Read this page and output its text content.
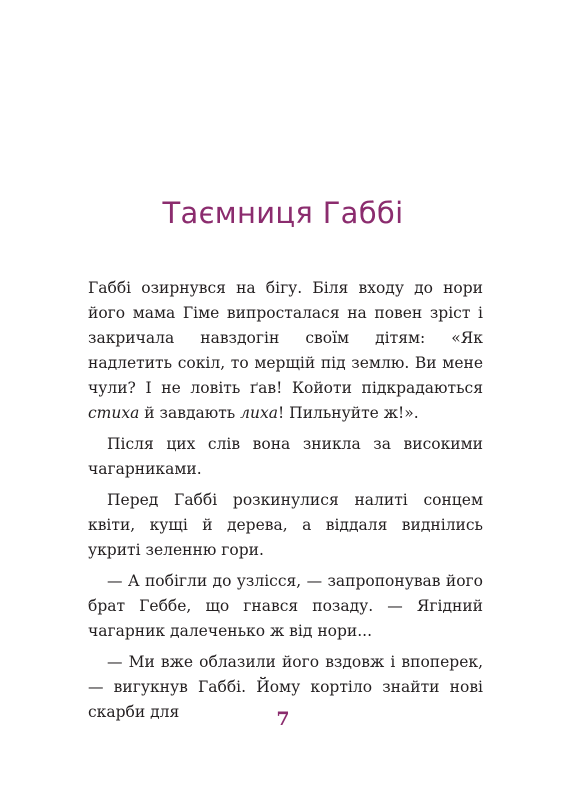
Таємниця Габбі

Габбі озирнувся на бігу. Біля входу до нори його мама Гіме випросталася на повен зріст і закричала навздогін своїм дітям: «Як надлетить сокіл, то мерщій під землю. Ви мене чули? І не ловіть ґав! Койоти підкрадаються стиха й завдають лиха! Пильнуйте ж!».

Після цих слів вона зникла за високими чагарниками.

Перед Габбі розкинулися налиті сонцем квіти, кущі й дерева, а віддаля виднілись укриті зеленню гори.

— А побігли до узлісся, — запропонував його брат Геббе, що гнався позаду. — Ягідний чагарник далеченько ж від нори...

— Ми вже облазили його вздовж і впоперек, — вигукнув Габбі. Йому кортіло знайти нові скарби для	7
